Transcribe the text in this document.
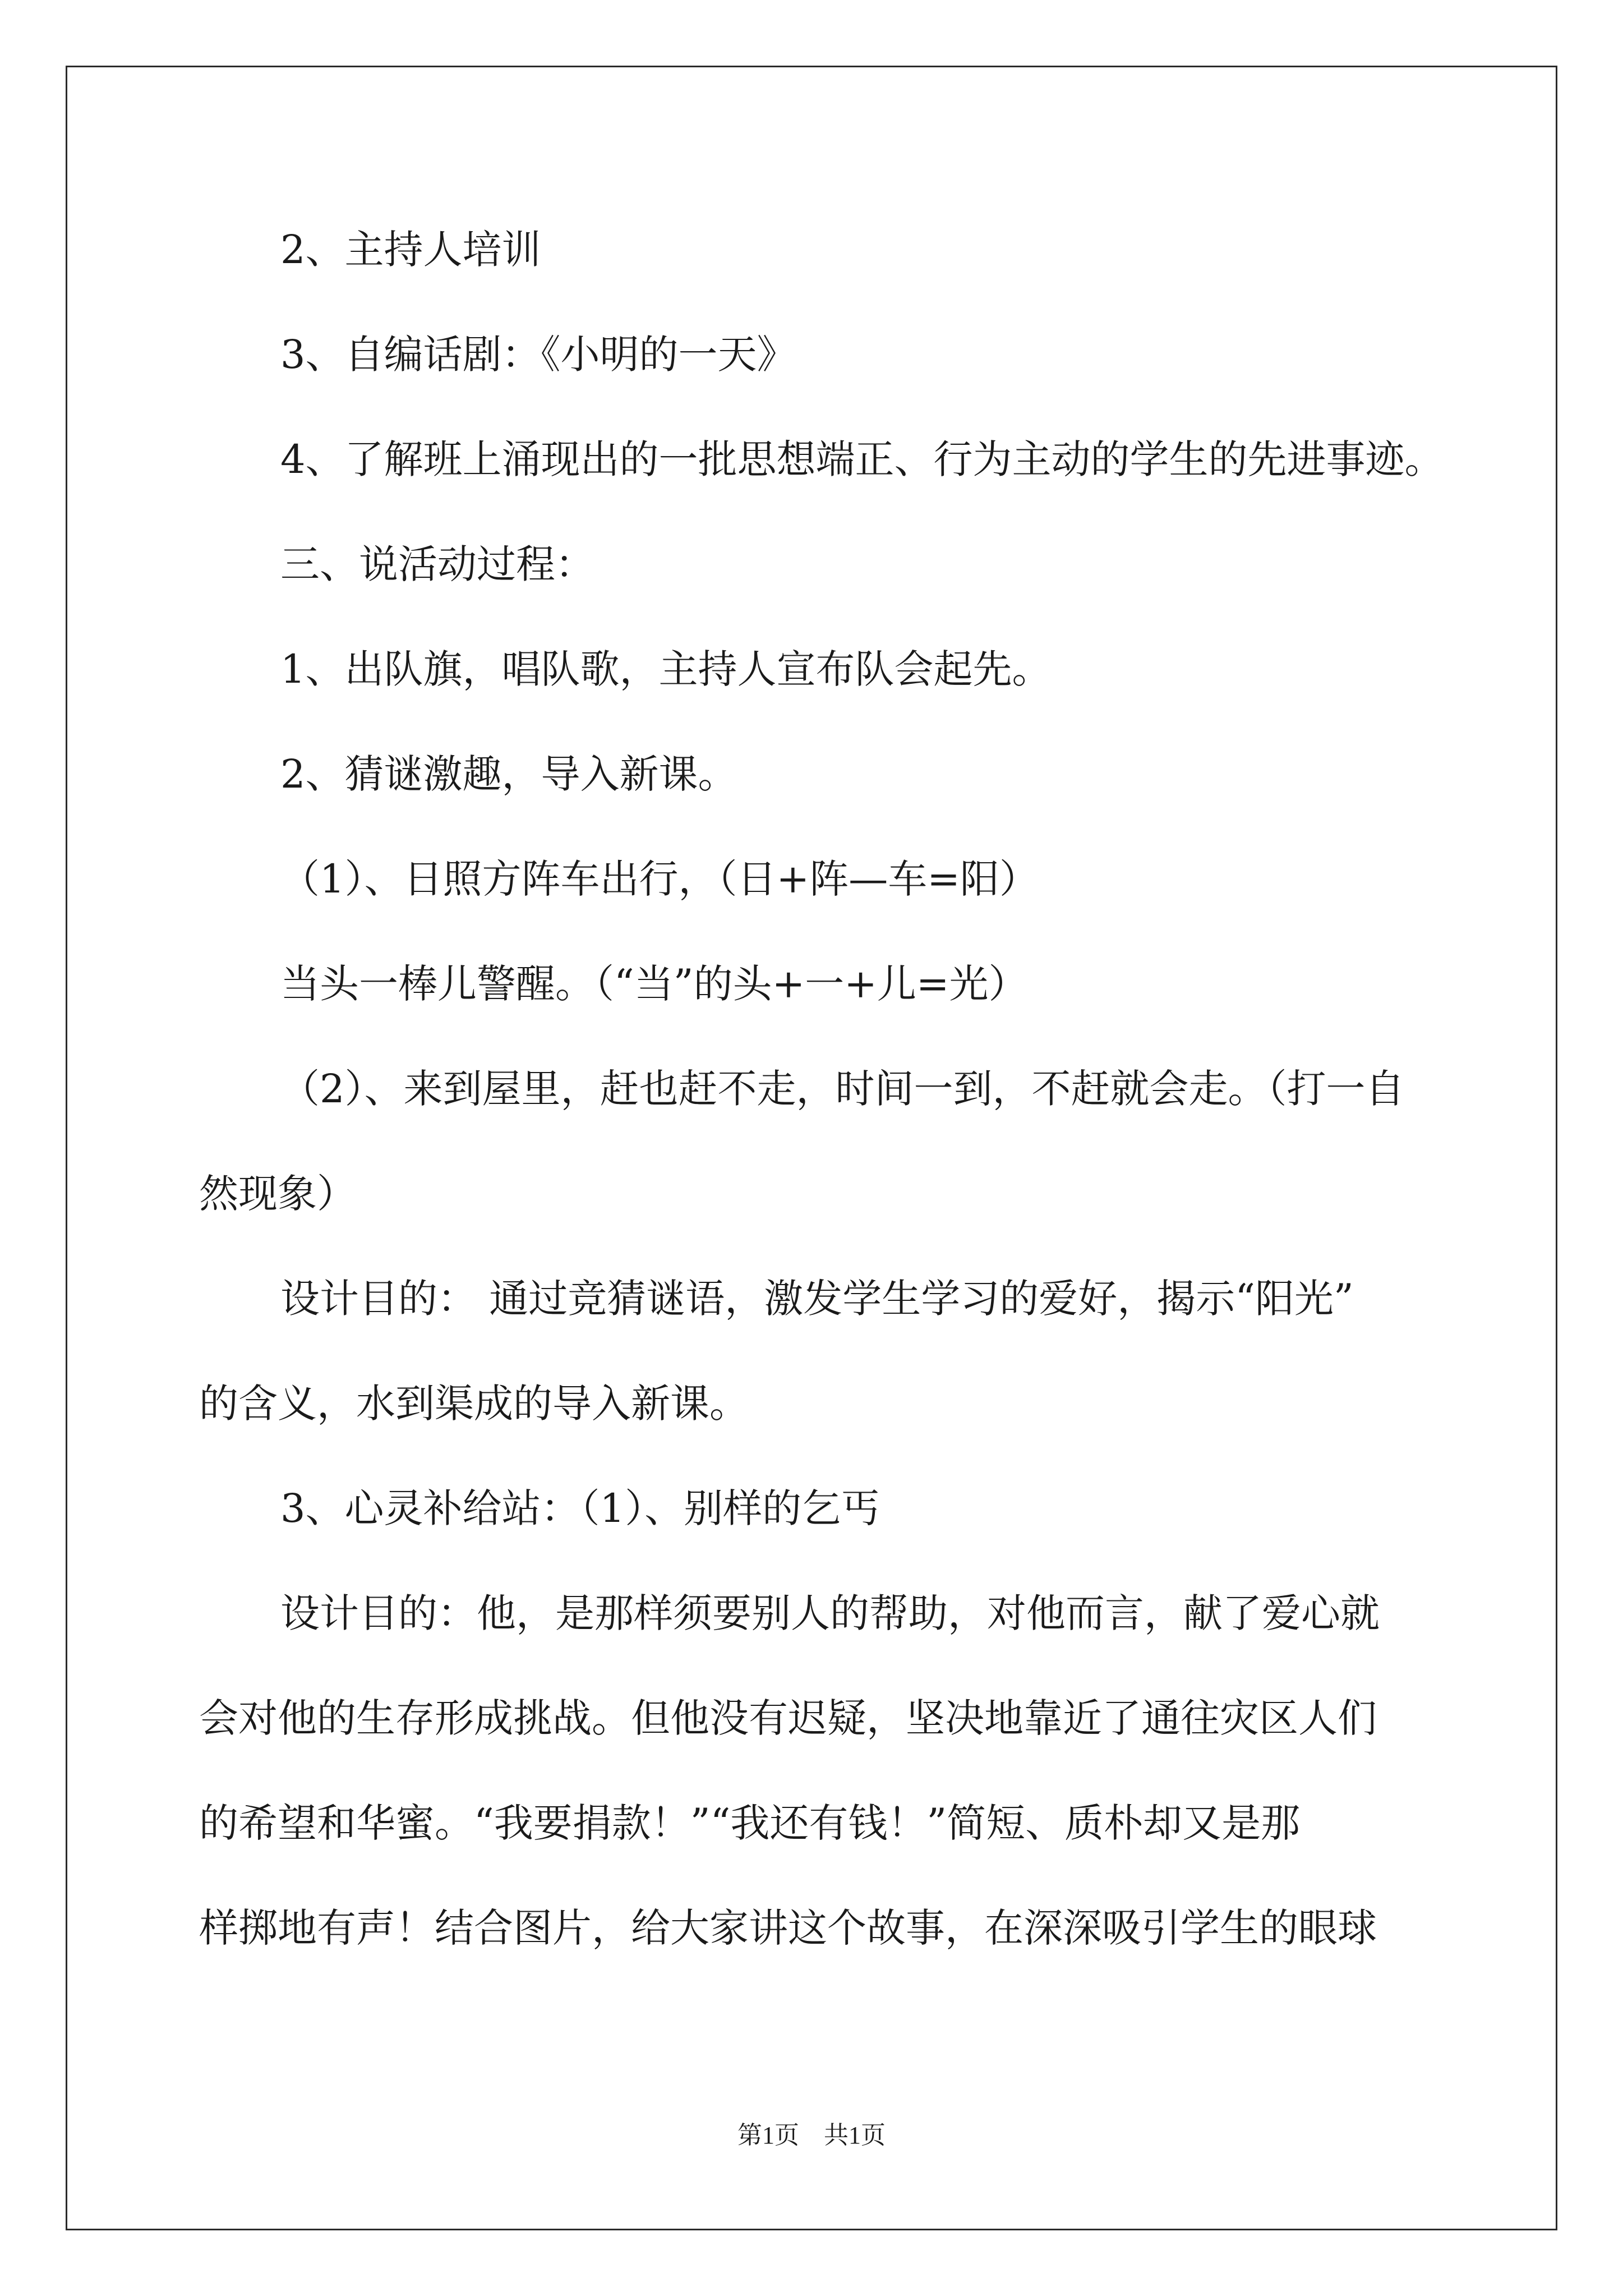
2、主持人培训
3、自编话剧：《小明的一天》
4、了解班上涌现出的一批思想端正、行为主动的学生的先进事迹。
三、说活动过程：
1、出队旗，唱队歌，主持人宣布队会起先。
2、猜谜激趣，导入新课。
（1）、日照方阵车出行，（日+阵—车=阳）
当头一棒儿警醒。（“当”的头+一+儿=光）
（2）、来到屋里，赶也赶不走，时间一到，不赶就会走。（打一自
然现象）
设计目的： 通过竞猜谜语，激发学生学习的爱好，揭示“阳光”
的含义，水到渠成的导入新课。
3、心灵补给站：（1）、别样的乞丐
设计目的：他，是那样须要别人的帮助，对他而言，献了爱心就
会对他的生存形成挑战。但他没有迟疑，坚决地靠近了通往灾区人们
的希望和华蜜。“我要捐款！”“我还有钱！”简短、质朴却又是那
样掷地有声！结合图片，给大家讲这个故事，在深深吸引学生的眼球
第1页　共1页
